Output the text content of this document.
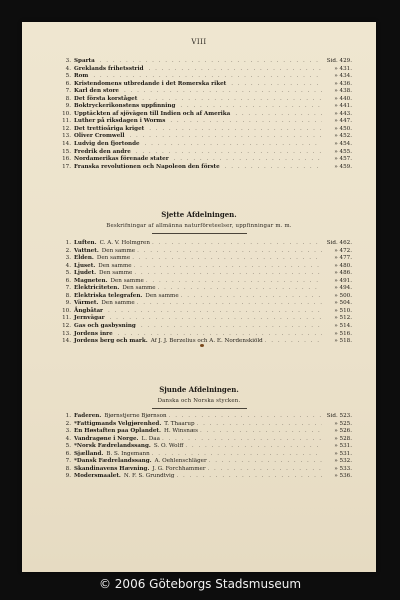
VIII
3. Sparta . . .	Sid. 429.
4. Greklands frihetsstrid . . .	» 431.
5. Rom . . .	» 434.
6. Kristendomens utbredande i det Romerska riket . . .	» 436.
7. Karl den store . . .	» 438.
8. Det första korståget . . .	» 440.
9. Boktryckerikonstens uppfinning . . .	» 441.
10. Upptäckten af sjövägen till Indien och af Amerika . . .	» 443.
11. Luther på riksdagen i Worms . . .	» 447.
12. Det trettioåriga kriget . . .	» 450.
13. Oliver Cromwell . . .	» 452.
14. Ludvig den fjortonde . . .	» 454.
15. Fredrik den andre . . .	» 455.
16. Nordamerikas förenade stater . . .	» 457.
17. Franska revolutionen och Napoleon den förste . . .	» 459.
Sjette Afdelningen.
Beskrifningar af allmänna naturföreteelser, uppfinningar m. m.
1. Luften. C. A. V. Holmgren . . .	Sid. 462.
2. Vattnet. Den samme . . .	» 472.
3. Elden. Den samme . . .	» 477.
4. Ljuset. Den samme . . .	» 480.
5. Ljudet. Den samme . . .	» 486.
6. Magneten. Den samme . . .	» 491.
7. Elektriciteten. Den samme . . .	» 494.
8. Elektriska telegrafen. Den samme . . .	» 500.
9. Värmet. Den samme . . .	» 504.
10. Ångbåtar . . .	» 510.
11. Jernvägar . . .	» 512.
12. Gas och gasbysning . . .	» 514.
13. Jordens inre . . .	» 516.
14. Jordens berg och mark. Af J. J. Berzelius och A. E. Nordenskiöld . . .	» 518.
Sjunde Afdelningen.
Danska och Norska stycken.
1. Faderen. Bjørnstjerne Bjørnson . . .	Sid. 523.
2. *Fattigmands Velgjørenhed. T. Thaarup . . .	» 525.
3. En Høstaften paa Oplandet. H. Winsnæs . . .	» 526.
4. Vandragøne i Norge. L. Daa . . .	» 528.
5. *Norsk Fædrelandssang. S. O. Wolff . . .	» 531.
6. Sjælland. B. S. Ingemann . . .	» 531.
7. *Dansk Fædrelandssang. A. Oehlenschläger . . .	» 532.
8. Skandinavens Hævning. J. G. Forchhammer . . .	» 533.
9. Modersmaalet. N. F. S. Grundtvig . . .	» 536.
© 2006 Göteborgs Stadsmuseum
